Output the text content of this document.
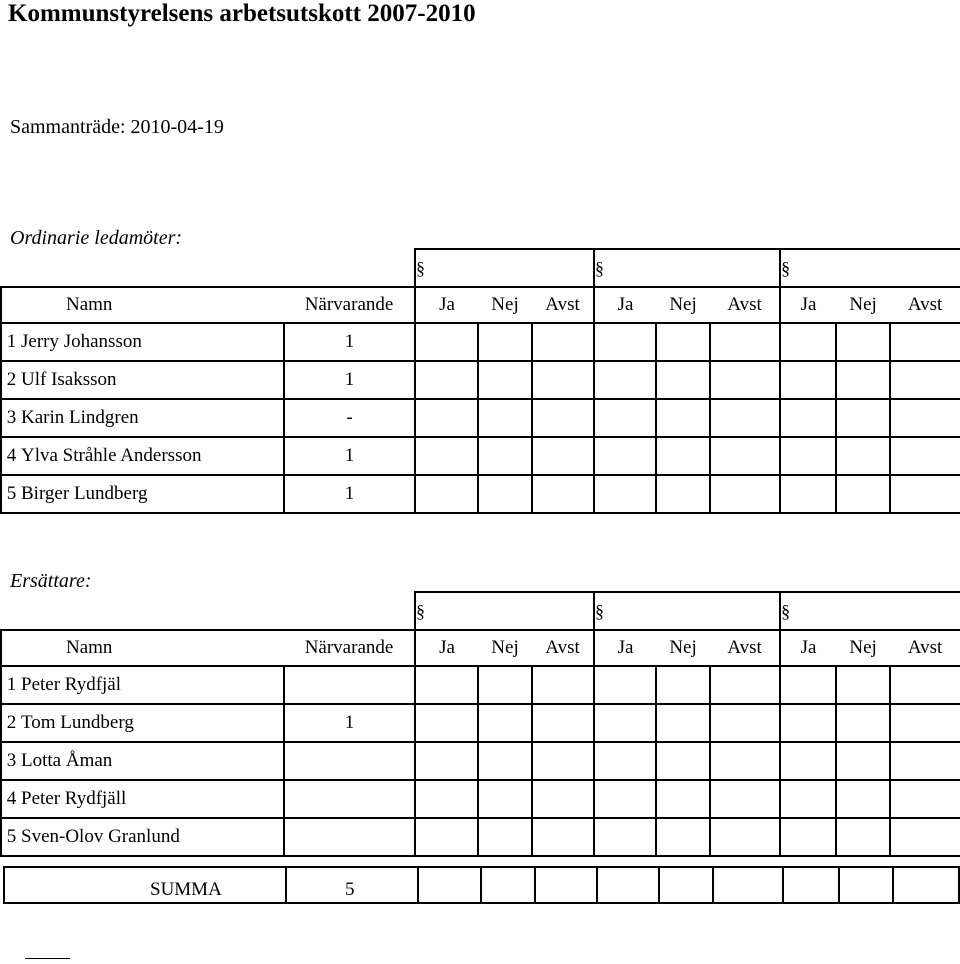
Kommunstyrelsens arbetsutskott 2007-2010
Sammanträde: 2010-04-19
Ordinarie ledamöter:
			§			§			§		
	Namn	Närvarande	Ja	Nej	Avst	Ja	Nej	Avst	Ja	Nej	Avst
1	Jerry Johansson	1									
2	Ulf Isaksson	1									
3	Karin Lindgren	-									
4	Ylva Stråhle Andersson	1									
5	Birger Lundberg	1									
Ersättare:
			§			§			§		
	Namn	Närvarande	Ja	Nej	Avst	Ja	Nej	Avst	Ja	Nej	Avst
1	Peter Rydfjäl										
2	Tom Lundberg	1									
3	Lotta Åman										
4	Peter Rydfjäll										
5	Sven-Olov Granlund										
SUMMA	5
